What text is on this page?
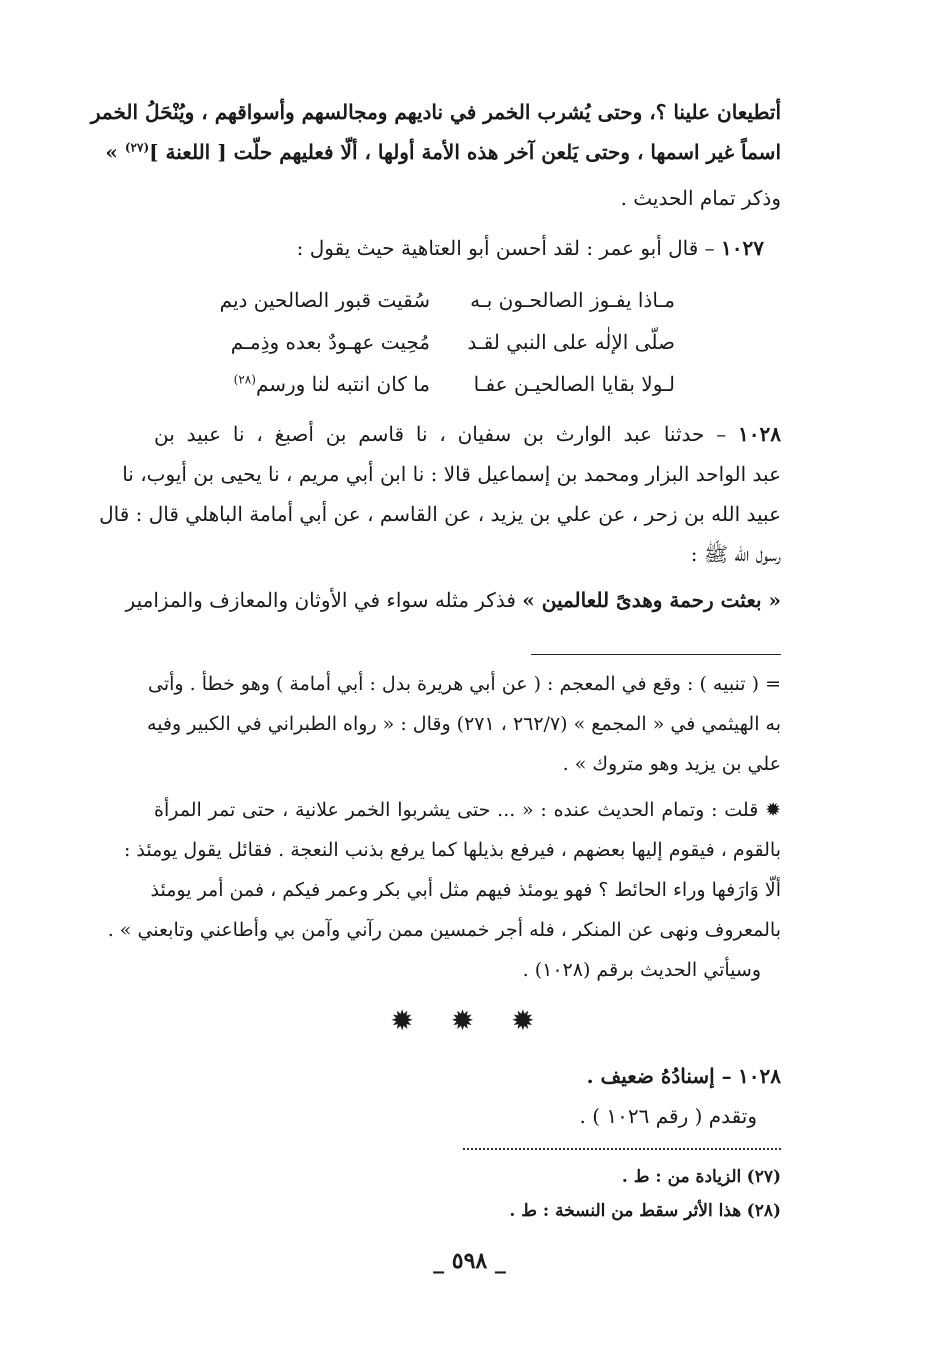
أتطيعان علينا ؟، وحتى يُشرب الخمر في ناديهم ومجالسهم وأسواقهم ، ويُنْحَلُ الخمر
اسماً غير اسمها ، وحتى يَلعن آخر هذه الأمة أولها ، ألّا فعليهم حلّت [ اللعنة ]$^{(٢٧)}$ »
وذكر تمام الحديث .
١٠٢٧ – قال أبو عمر : لقد أحسن أبو العتاهية حيث يقول :
مـاذا يفـوز الصالحـون بـه
سُقيت قبور الصالحين ديم
صلّى الإلٰه على النبي لقـد
مُحِيت عهـودٌ بعده وذِمـم
لـولا بقايا الصالحيـن عفـا
ما كان انتبه لنا ورسم$^{(٢٨)}$
١٠٢٨ – حدثنا عبد الوارث بن سفيان ، نا قاسم بن أصبغ ، نا عبيد بن
عبد الواحد البزار ومحمد بن إسماعيل قالا : نا ابن أبي مريم ، نا يحيى بن أيوب، نا
عبيد الله بن زحر ، عن علي بن يزيد ، عن القاسم ، عن أبي أمامة الباهلي قال : قال
رسول الله ﷺ :
« بعثت رحمة وهدىً للعالمين » فذكر مثله سواء في الأوثان والمعازف والمزامير
= ( تنبيه ) : وقع في المعجم : ( عن أبي هريرة بدل : أبي أمامة ) وهو خطأ . وأتى
به الهيثمي في « المجمع » (٢٦٢/٧ ، ٢٧١) وقال : « رواه الطبراني في الكبير وفيه
علي بن يزيد وهو متروك » .
✹ قلت : وتمام الحديث عنده : « ... حتى يشربوا الخمر علانية ، حتى تمر المرأة
بالقوم ، فيقوم إليها بعضهم ، فيرفع بذيلها كما يرفع بذنب النعجة . فقائل يقول يومئذ :
ألّا وَارَفها وراء الحائط ؟ فهو يومئذ فيهم مثل أبي بكر وعمر فيكم ، فمن أمر يومئذ
بالمعروف ونهى عن المنكر ، فله أجر خمسين ممن رآني وآمن بي وأطاعني وتابعني » .
وسيأتي الحديث برقم (١٠٢٨) .
✹ ✹ ✹
١٠٢٨ – إسنادُهُ ضعيف .
وتقدم ( رقم ١٠٢٦ ) .
(٢٧) الزيادة من : ط .
(٢٨) هذا الأثر سقط من النسخة : ط .
_ ٥٩٨ _
